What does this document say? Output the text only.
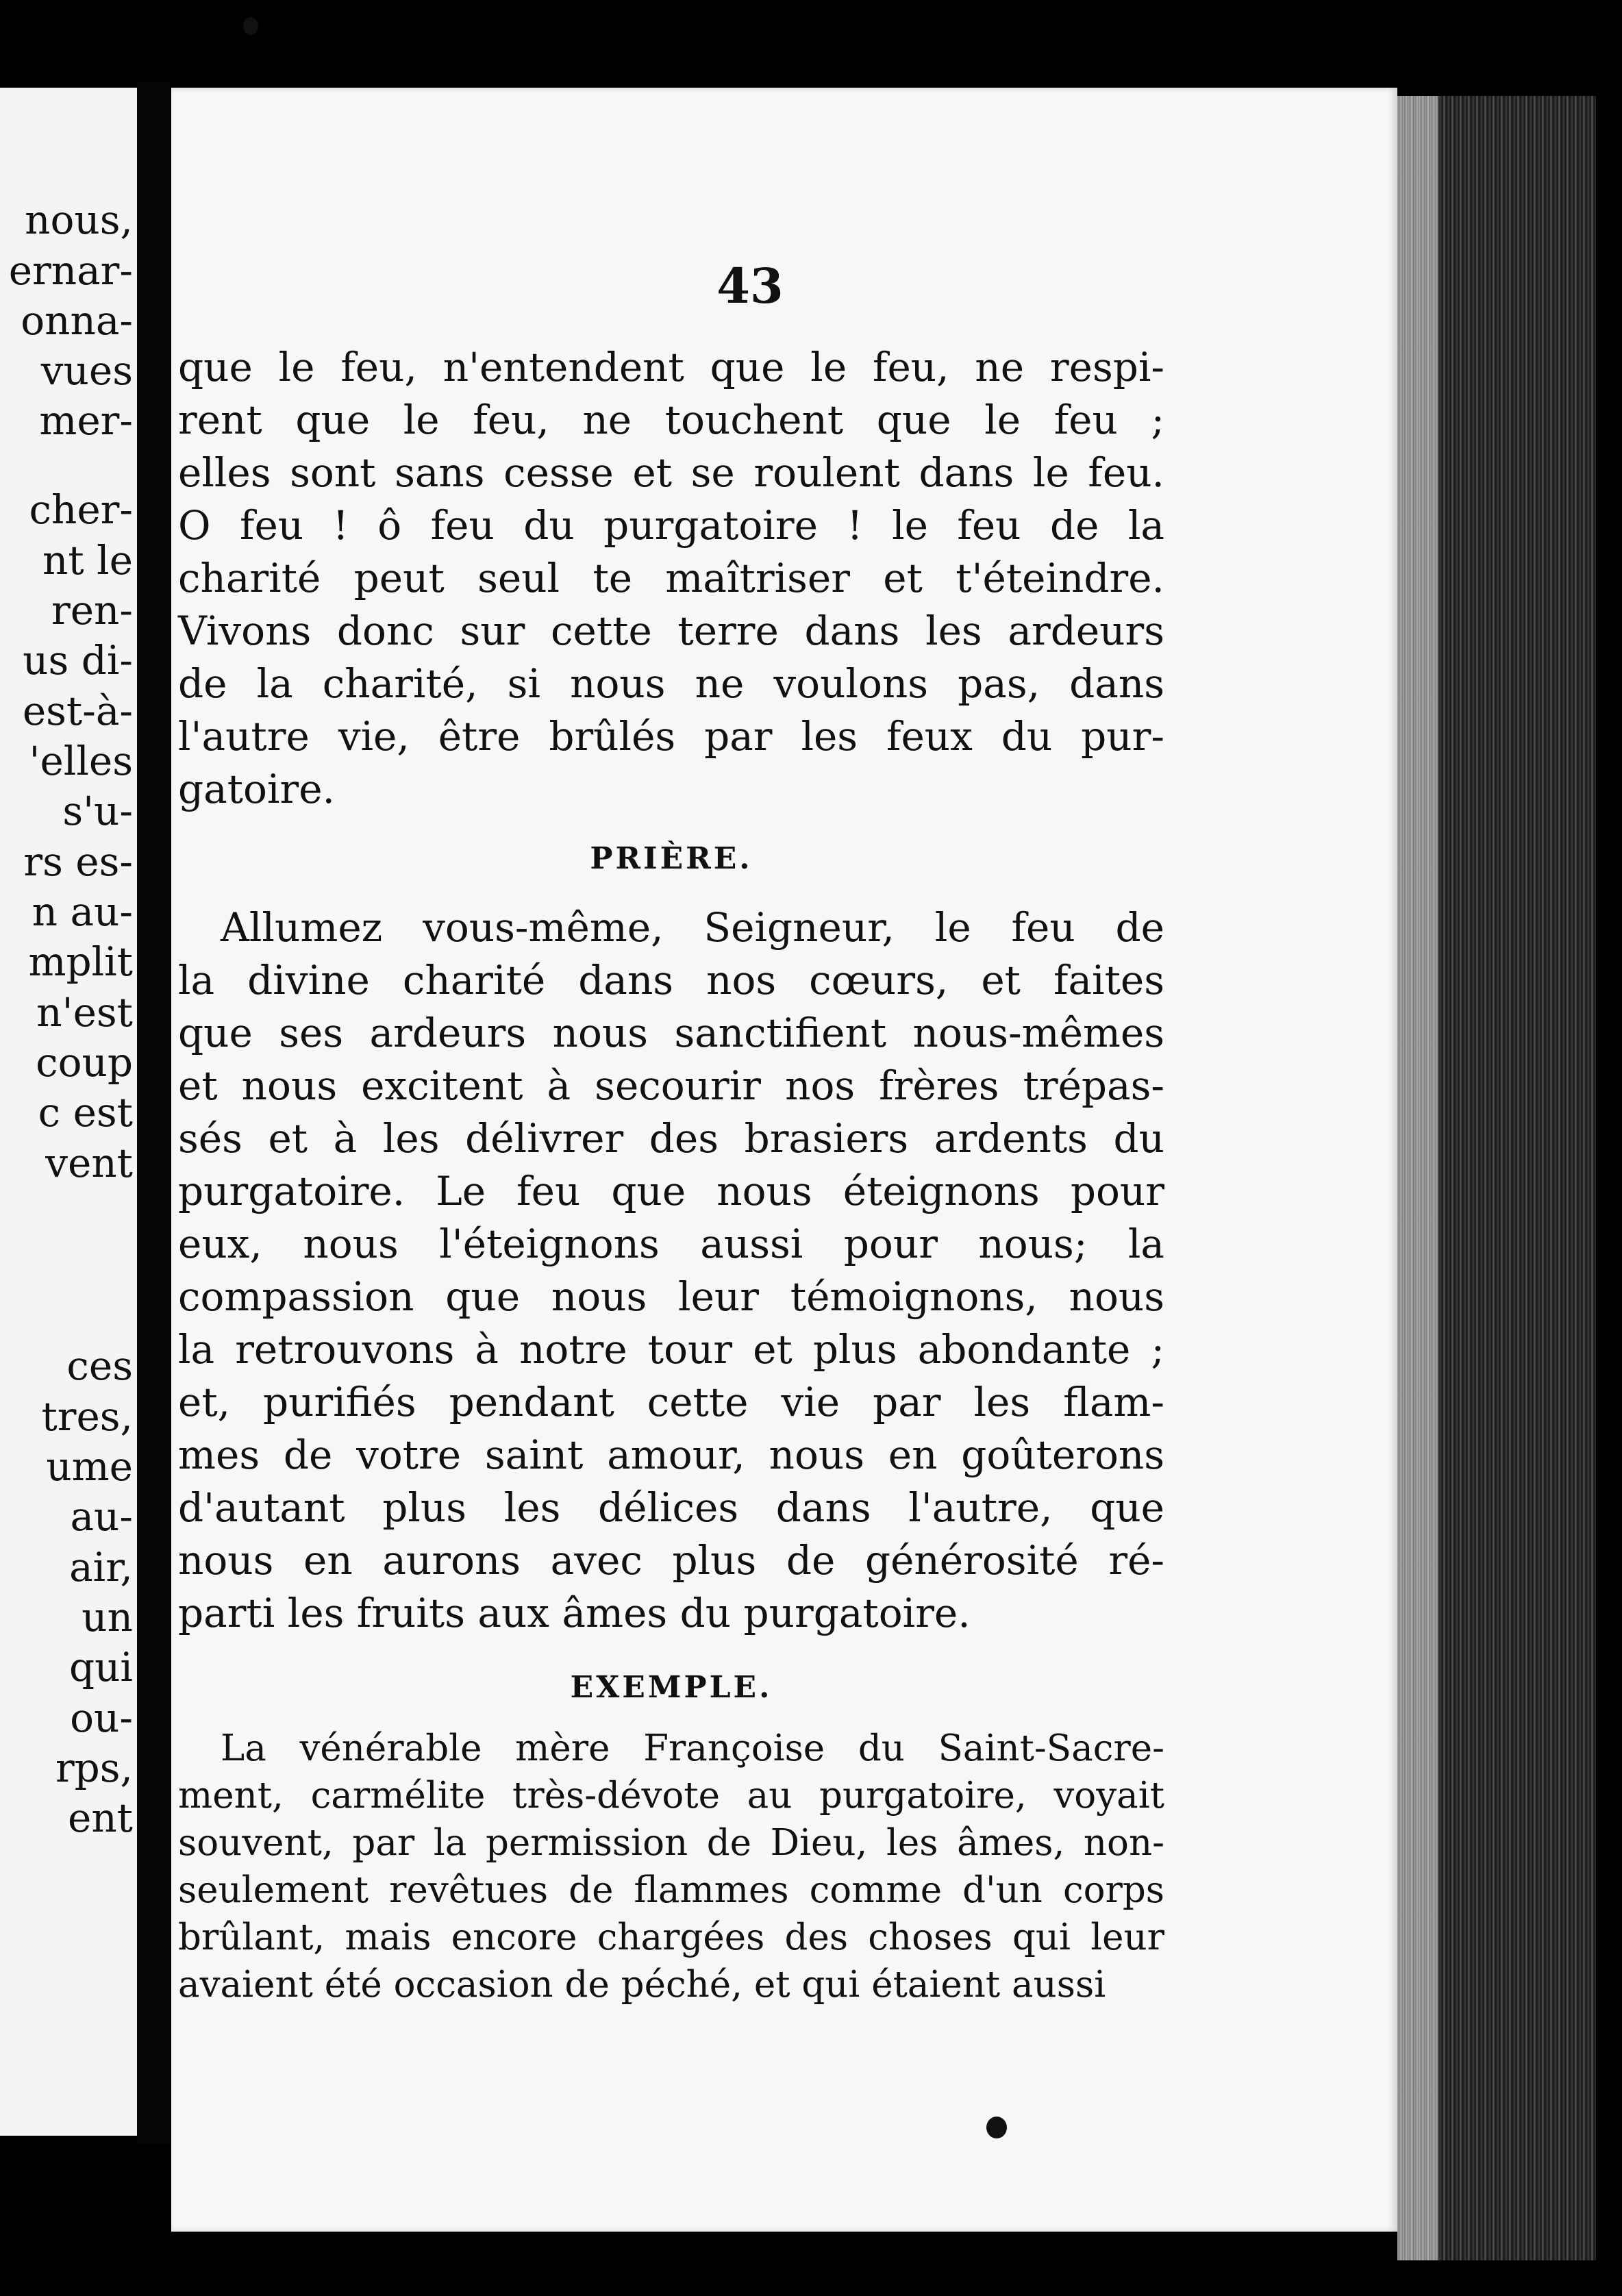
nous,
ernar-
onna-
vues
mer-
cher-
nt le
ren-
us di-
est-à-
'elles
s'u-
rs es-
n au-
mplit
n'est
coup
c est
vent
ces
tres,
ume
au-
air,
un
qui
ou-
rps,
ent
43
que le feu, n'entendent que le feu, ne respi-
rent que le feu, ne touchent que le feu ;
elles sont sans cesse et se roulent dans le feu.
O feu ! ô feu du purgatoire ! le feu de la
charité peut seul te maîtriser et t'éteindre.
Vivons donc sur cette terre dans les ardeurs
de la charité, si nous ne voulons pas, dans
l'autre vie, être brûlés par les feux du pur-
gatoire.
PRIÈRE.
Allumez vous-même, Seigneur, le feu de
la divine charité dans nos cœurs, et faites
que ses ardeurs nous sanctifient nous-mêmes
et nous excitent à secourir nos frères trépas-
sés et à les délivrer des brasiers ardents du
purgatoire. Le feu que nous éteignons pour
eux, nous l'éteignons aussi pour nous; la
compassion que nous leur témoignons, nous
la retrouvons à notre tour et plus abondante ;
et, purifiés pendant cette vie par les flam-
mes de votre saint amour, nous en goûterons
d'autant plus les délices dans l'autre, que
nous en aurons avec plus de générosité ré-
parti les fruits aux âmes du purgatoire.
EXEMPLE.
La vénérable mère Françoise du Saint-Sacre-
ment, carmélite très-dévote au purgatoire, voyait
souvent, par la permission de Dieu, les âmes, non-
seulement revêtues de flammes comme d'un corps
brûlant, mais encore chargées des choses qui leur
avaient été occasion de péché, et qui étaient aussi
